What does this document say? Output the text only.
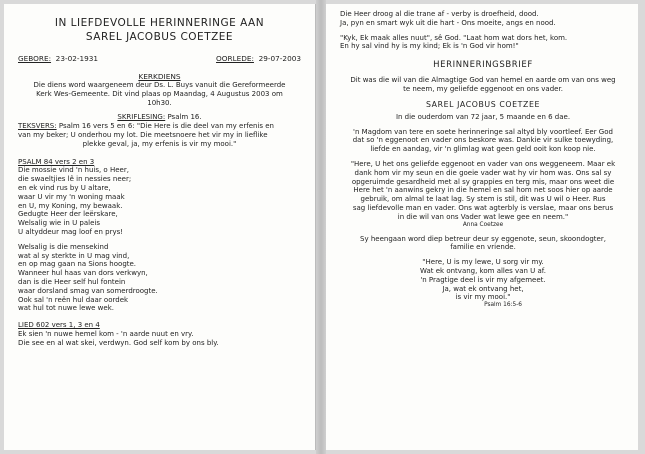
IN LIEFDEVOLLE HERINNERINGE AAN
SAREL JACOBUS COETZEE
GEBORE: 23-02-1931	OORLEDE: 29-07-2003
KERKDIENS
Die diens word waargeneem deur Ds. L. Buys vanuit die Gereformeerde
Kerk Wes-Gemeente. Dit vind plaas op Maandag, 4 Augustus 2003 om
10h30.
SKRIFLESING: Psalm 16.
TEKSVERS: Psalm 16 vers 5 en 6: "Die Here is die deel van my erfenis en
van my beker; U onderhou my lot. Die meetsnoere het vir my in lieflike
plekke geval, ja, my erfenis is vir my mooi."
PSALM 84 vers 2 en 3
Die mossie vind 'n huis, o Heer,
die swaeltjies lê in nessies neer;
en ek vind rus by U altare,
waar U vir my 'n woning maak
en U, my Koning, my bewaak.
Gedugte Heer der leërskare,
Welsalig wie in U paleis
U altyddeur mag loof en prys!
Welsalig is die mensekind
wat al sy sterkte in U mag vind,
en op mag gaan na Sions hoogte.
Wanneer hul haas van dors verkwyn,
dan is die Heer self hul fontein
waar dorsland smag van somerdroogte.
Ook sal 'n reën hul daar oordek
wat hul tot nuwe lewe wek.
LIED 602 vers 1, 3 en 4
Ek sien 'n nuwe hemel kom - 'n aarde nuut en vry.
Die see en al wat skei, verdwyn. God self kom by ons bly.
Die Heer droog al die trane af - verby is droefheid, dood.
Ja, pyn en smart wyk uit die hart - Ons moeite, angs en nood.
"Kyk, Ek maak alles nuut", sê God. "Laat hom wat dors het, kom.
En hy sal vind hy is my kind; Ek is 'n God vir hom!"
HERINNERINGSBRIEF
Dit was die wil van die Almagtige God van hemel en aarde om van ons weg
te neem, my geliefde eggenoot en ons vader.
SAREL JACOBUS COETZEE
In die ouderdom van 72 jaar, 5 maande en 6 dae.
'n Magdom van tere en soete herinneringe sal altyd bly voortleef. Eer God
dat so 'n eggenoot en vader ons beskore was. Dankie vir sulke toewyding,
liefde en aandag, vir 'n glimlag wat geen geld ooit kon koop nie.
"Here, U het ons geliefde eggenoot en vader van ons weggeneem. Maar ek
dank hom vir my seun en die goeie vader wat hy vir hom was. Ons sal sy
opgeruimde gesardheid met al sy grappies en terg mis, maar ons weet die
Here het 'n aanwins gekry in die hemel en sal hom net soos hier op aarde
gebruik, om almal te laat lag. Sy stem is stil, dit was U wil o Heer. Rus
sag liefdevolle man en vader. Ons wat agterbly is verslae, maar ons berus
in die wil van ons Vader wat lewe gee en neem."
Anna Coetzee
Sy heengaan word diep betreur deur sy eggenote, seun, skoondogter,
familie en vriende.
"Here, U is my lewe, U sorg vir my.
Wat ek ontvang, kom alles van U af.
'n Pragtige deel is vir my afgemeet.
Ja, wat ek ontvang het,
is vir my mooi."
Psalm 16:5-6
